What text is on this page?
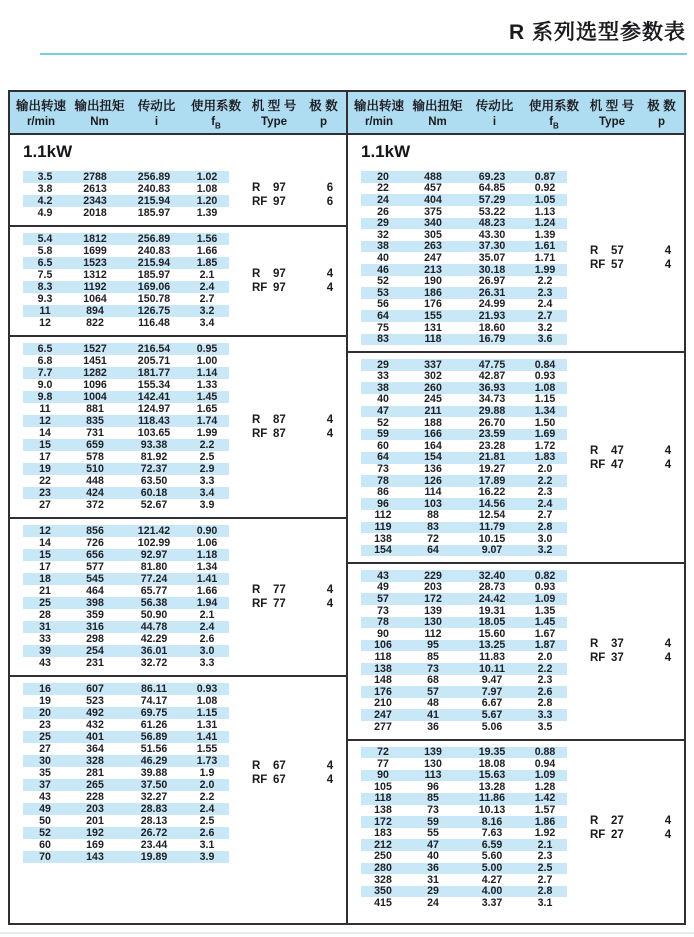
R 系列选型参数表
输出转速 输出扭矩	传动比	使用系数 机 型 号	极 数
r/min	Nm	i	$f_B$	Type	p
1.1kW
3.5	2788	256.89	1.02
3.8	2613	240.83	1.08
4.2	2343	215.94	1.20
4.9	2018	185.97	1.39
R 97	6
RF 97	6
5.4	1812	256.89	1.56
5.8	1699	240.83	1.66
6.5	1523	215.94	1.85
7.5	1312	185.97	2.1
8.3	1192	169.06	2.4
9.3	1064	150.78	2.7
11	894	126.75	3.2
12	822	116.48	3.4
R 97	4
RF 97	4
6.5	1527	216.54	0.95
6.8	1451	205.71	1.00
7.7	1282	181.77	1.14
9.0	1096	155.34	1.33
9.8	1004	142.41	1.45
11	881	124.97	1.65
12	835	118.43	1.74
14	731	103.65	1.99
15	659	93.38	2.2
17	578	81.92	2.5
19	510	72.37	2.9
22	448	63.50	3.3
23	424	60.18	3.4
27	372	52.67	3.9
R 87	4
RF 87	4
12	856	121.42	0.90
14	726	102.99	1.06
15	656	92.97	1.18
17	577	81.80	1.34
18	545	77.24	1.41
21	464	65.77	1.66
25	398	56.38	1.94
28	359	50.90	2.1
31	316	44.78	2.4
33	298	42.29	2.6
39	254	36.01	3.0
43	231	32.72	3.3
R 77	4
RF 77	4
16	607	86.11	0.93
19	523	74.17	1.08
20	492	69.75	1.15
23	432	61.26	1.31
25	401	56.89	1.41
27	364	51.56	1.55
30	328	46.29	1.73
35	281	39.88	1.9
37	265	37.50	2.0
43	228	32.27	2.2
49	203	28.83	2.4
50	201	28.13	2.5
52	192	26.72	2.6
60	169	23.44	3.1
70	143	19.89	3.9
R 67	4
RF 67	4
输出转速 输出扭矩	传动比	使用系数 机 型 号	极 数
r/min	Nm	i	$f_B$	Type	p
1.1kW
20	488	69.23	0.87
22	457	64.85	0.92
24	404	57.29	1.05
26	375	53.22	1.13
29	340	48.23	1.24
32	305	43.30	1.39
38	263	37.30	1.61
40	247	35.07	1.71
46	213	30.18	1.99
52	190	26.97	2.2
53	186	26.31	2.3
56	176	24.99	2.4
64	155	21.93	2.7
75	131	18.60	3.2
83	118	16.79	3.6
R 57	4
RF 57	4
29	337	47.75	0.84
33	302	42.87	0.93
38	260	36.93	1.08
40	245	34.73	1.15
47	211	29.88	1.34
52	188	26.70	1.50
59	166	23.59	1.69
60	164	23.28	1.72
64	154	21.81	1.83
73	136	19.27	2.0
78	126	17.89	2.2
86	114	16.22	2.3
96	103	14.56	2.4
112	88	12.54	2.7
119	83	11.79	2.8
138	72	10.15	3.0
154	64	9.07	3.2
R 47	4
RF 47	4
43	229	32.40	0.82
49	203	28.73	0.93
57	172	24.42	1.09
73	139	19.31	1.35
78	130	18.05	1.45
90	112	15.60	1.67
106	95	13.25	1.87
118	85	11.83	2.0
138	73	10.11	2.2
148	68	9.47	2.3
176	57	7.97	2.6
210	48	6.67	2.8
247	41	5.67	3.3
277	36	5.06	3.5
R 37	4
RF 37	4
72	139	19.35	0.88
77	130	18.08	0.94
90	113	15.63	1.09
105	96	13.28	1.28
118	85	11.86	1.42
138	73	10.13	1.57
172	59	8.16	1.86
183	55	7.63	1.92
212	47	6.59	2.1
250	40	5.60	2.3
280	36	5.00	2.5
328	31	4.27	2.7
350	29	4.00	2.8
415	24	3.37	3.1
R 27	4
RF 27	4
